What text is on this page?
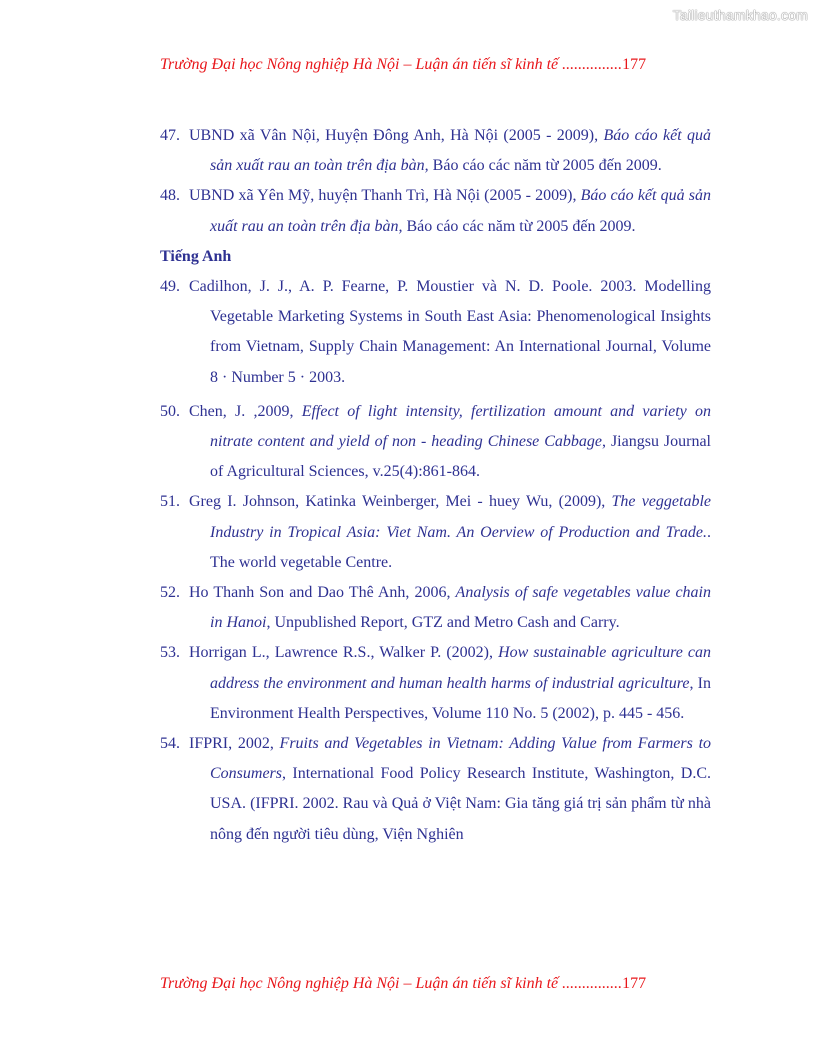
Tailieuthamkhao.com
Trường Đại học Nông nghiệp Hà Nội – Luận án tiến sĩ kinh tế ...............177

47. UBND xã Vân Nội, Huyện Đông Anh, Hà Nội (2005 - 2009), Báo cáo kết quả sản xuất rau an toàn trên địa bàn, Báo cáo các năm từ 2005 đến 2009.

48. UBND xã Yên Mỹ, huyện Thanh Trì, Hà Nội (2005 - 2009), Báo cáo kết quả sản xuất rau an toàn trên địa bàn, Báo cáo các năm từ 2005 đến 2009.

Tiếng Anh

49. Cadilhon, J. J., A. P. Fearne, P. Moustier và N. D. Poole. 2003. Modelling Vegetable Marketing Systems in South East Asia: Phenomenological Insights from Vietnam, Supply Chain Management: An International Journal, Volume 8 · Number 5 · 2003.

50. Chen, J. ,2009, Effect of light intensity, fertilization amount and variety on nitrate content and yield of non - heading Chinese Cabbage, Jiangsu Journal of Agricultural Sciences, v.25(4):861-864.

51. Greg I. Johnson, Katinka Weinberger, Mei - huey Wu, (2009), The veggetable Industry in Tropical Asia: Viet Nam. An Oerview of Production and Trade.. The world vegetable Centre.

52. Ho Thanh Son and Dao Thê Anh, 2006, Analysis of safe vegetables value chain in Hanoi, Unpublished Report, GTZ and Metro Cash and Carry.

53. Horrigan L., Lawrence R.S., Walker P. (2002), How sustainable agriculture can address the environment and human health harms of industrial agriculture, In Environment Health Perspectives, Volume 110 No. 5 (2002), p. 445 - 456.

54. IFPRI, 2002, Fruits and Vegetables in Vietnam: Adding Value from Farmers to Consumers, International Food Policy Research Institute, Washington, D.C. USA. (IFPRI. 2002. Rau và Quả ở Việt Nam: Gia tăng giá trị sản phẩm từ nhà nông đến người tiêu dùng, Viện Nghiên

Trường Đại học Nông nghiệp Hà Nội – Luận án tiến sĩ kinh tế ...............177
